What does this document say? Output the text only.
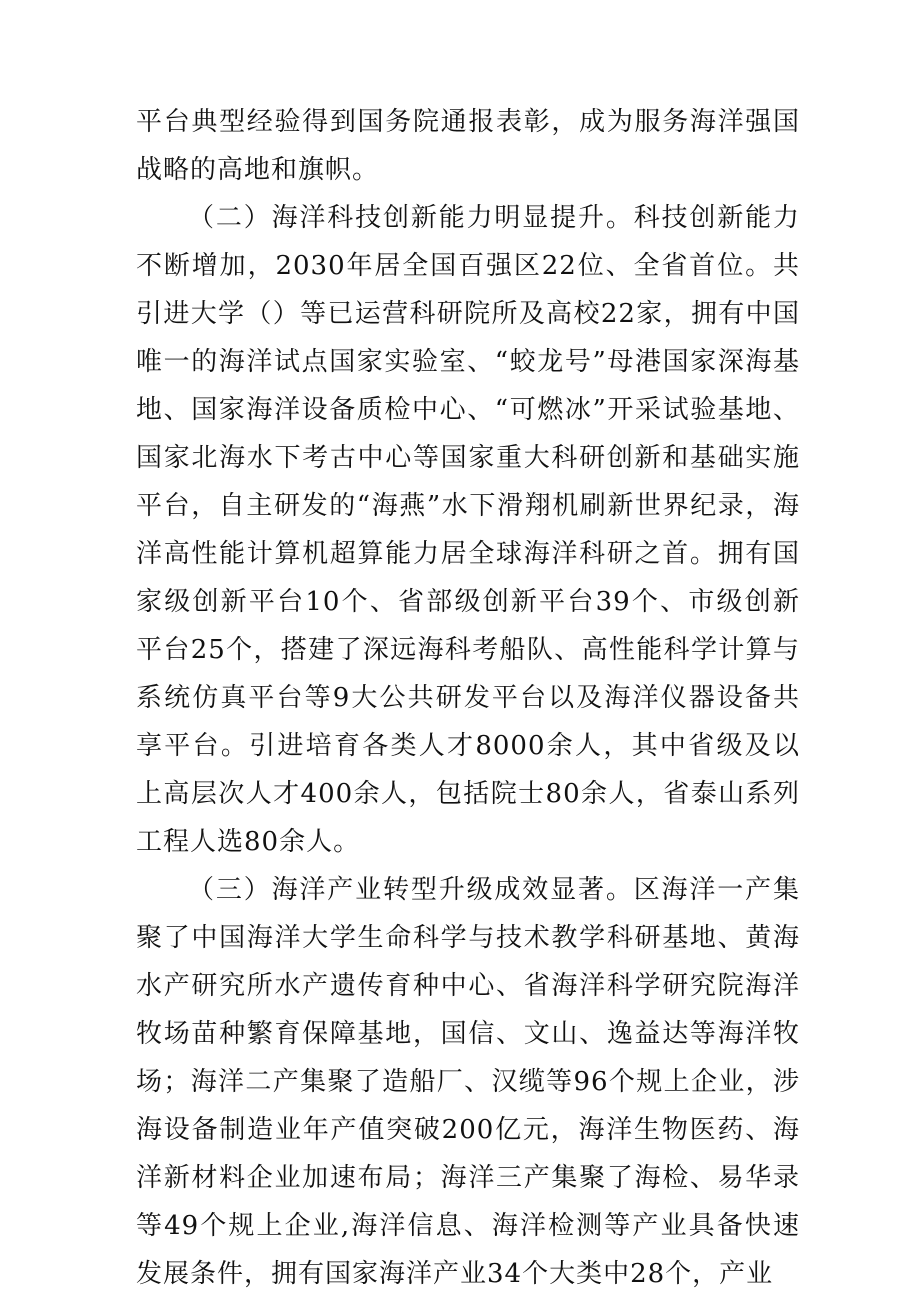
平台典型经验得到国务院通报表彰，成为服务海洋强国战略的高地和旗帜。

（二）海洋科技创新能力明显提升。科技创新能力不断增加，2030年居全国百强区22位、全省首位。共引进大学（）等已运营科研院所及高校22家，拥有中国唯一的海洋试点国家实验室、“蛟龙号”母港国家深海基地、国家海洋设备质检中心、“可燃冰”开采试验基地、国家北海水下考古中心等国家重大科研创新和基础实施平台，自主研发的“海燕”水下滑翔机刷新世界纪录，海洋高性能计算机超算能力居全球海洋科研之首。拥有国家级创新平台10个、省部级创新平台39个、市级创新平台25个，搭建了深远海科考船队、高性能科学计算与系统仿真平台等9大公共研发平台以及海洋仪器设备共享平台。引进培育各类人才8000余人，其中省级及以上高层次人才400余人，包括院士80余人，省泰山系列工程人选80余人。

（三）海洋产业转型升级成效显著。区海洋一产集聚了中国海洋大学生命科学与技术教学科研基地、黄海水产研究所水产遗传育种中心、省海洋科学研究院海洋牧场苗种繁育保障基地，国信、文山、逸益达等海洋牧场；海洋二产集聚了造船厂、汉缆等96个规上企业，涉海设备制造业年产值突破200亿元，海洋生物医药、海洋新材料企业加速布局；海洋三产集聚了海检、易华录等49个规上企业,海洋信息、海洋检测等产业具备快速发展条件，拥有国家海洋产业34个大类中28个，产业
